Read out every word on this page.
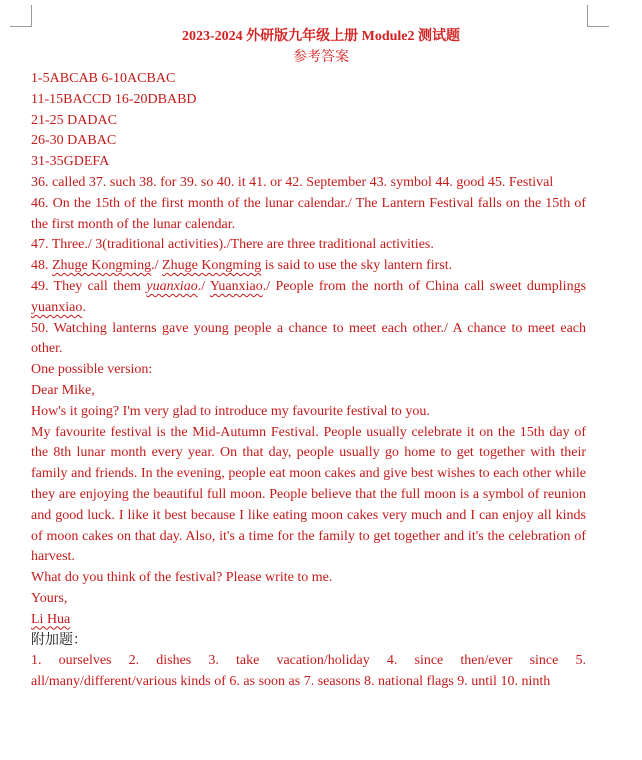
2023-2024 外研版九年级上册 Module2 测试题
参考答案

1-5ABCAB 6-10ACBAC

11-15BACCD 16-20DBABD

21-25 DADAC

26-30 DABAC

31-35GDEFA

36. called 37. such 38. for 39. so 40. it 41. or 42. September 43. symbol 44. good 45. Festival

46. On the 15th of the first month of the lunar calendar./ The Lantern Festival falls on the 15th of

the first month of the lunar calendar.

47. Three./ 3(traditional activities)./There are three traditional activities.

48. Zhuge Kongming./ Zhuge Kongming is said to use the sky lantern first.

49. They call them yuanxiao./ Yuanxiao./ People from the north of China call sweet dumplings

yuanxiao.

50. Watching lanterns gave young people a chance to meet each other./ A chance to meet each

other.

One possible version:

Dear Mike,

How's it going? I'm very glad to introduce my favourite festival to you.

My favourite festival is the Mid-Autumn Festival. People usually celebrate it on the 15th day of the 8th lunar month every year. On that day, people usually go home to get together with their family and friends. In the evening, people eat moon cakes and give best wishes to each other while they are enjoying the beautiful full moon. People believe that the full moon is a symbol of reunion and good luck. I like it best because I like eating moon cakes very much and I can enjoy all kinds of moon cakes on that day. Also, it's a time for the family to get together and it's the celebration of harvest.

What do you think of the festival? Please write to me.

Yours,

Li Hua

附加题：

1. ourselves 2. dishes 3. take vacation/holiday 4. since then/ever since 5.

all/many/different/various kinds of 6. as soon as 7. seasons 8. national flags 9. until 10. ninth
